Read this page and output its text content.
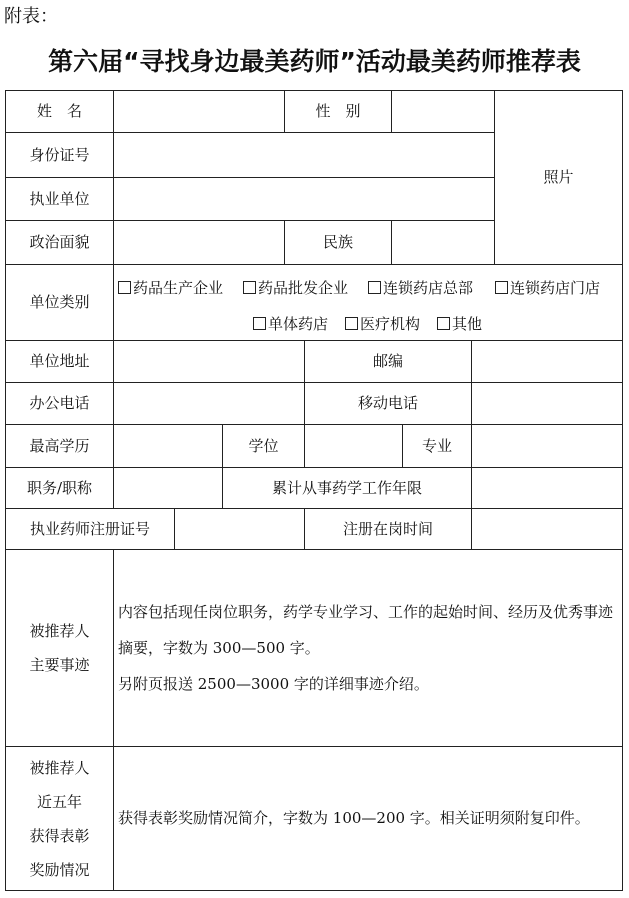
附表：
第六届“寻找身边最美药师”活动最美药师推荐表
姓　名	性　别
照片
身份证号
执业单位
政治面貌	民族
单位类别
药品生产企业	药品批发企业	连锁药店总部	连锁药店门店
单体药店	医疗机构	其他
单位地址	邮编
办公电话	移动电话
最高学历	学位	专业
职务/职称	累计从事药学工作年限
执业药师注册证号	注册在岗时间
被推荐人
主要事迹
内容包括现任岗位职务，药学专业学习、工作的起始时间、经历及优秀事迹摘要，字数为 300—500 字。
另附页报送 2500—3000 字的详细事迹介绍。
被推荐人
近五年
获得表彰
奖励情况
获得表彰奖励情况简介，字数为 100—200 字。相关证明须附复印件。
